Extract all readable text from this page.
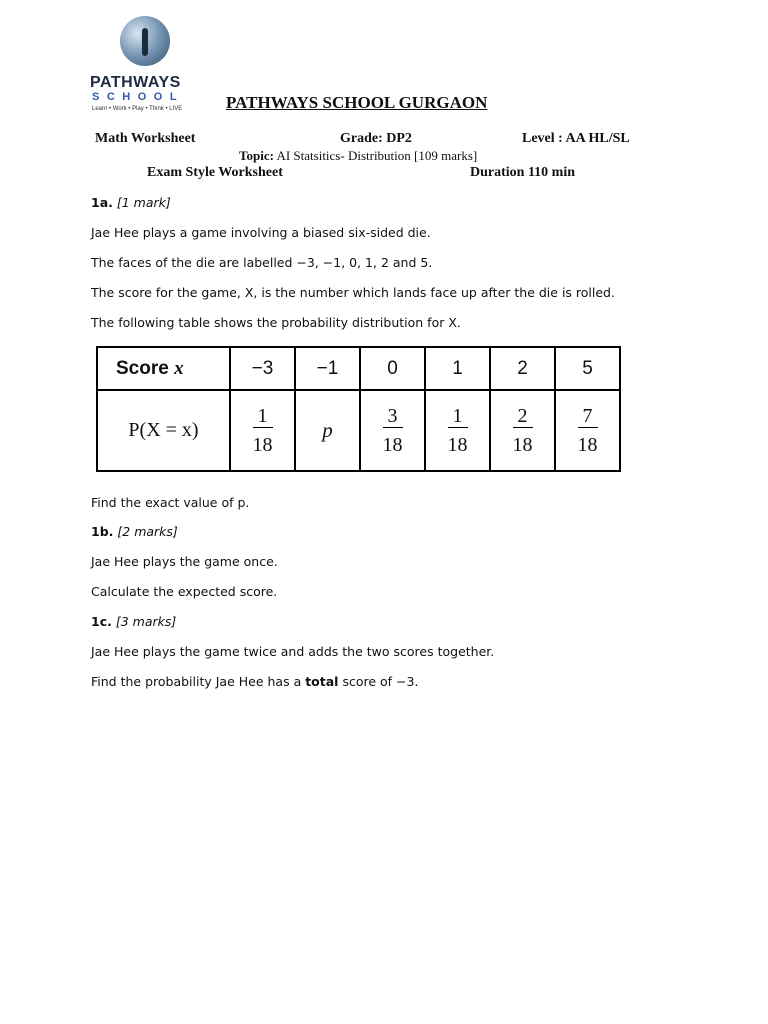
PATHWAYS
SCHOOL
Learn • Work • Play • Think • LIVE	PATHWAYS SCHOOL GURGAON
Math Worksheet	Grade: DP2	Level : AA HL/SL
Topic: AI Statsitics- Distribution [109 marks]
Exam Style Worksheet	Duration 110 min
1a. [1 mark]
Jae Hee plays a game involving a biased six-sided die.
The faces of the die are labelled −3, −1, 0, 1, 2 and 5.
The score for the game, X, is the number which lands face up after the die is rolled.
The following table shows the probability distribution for X.
Score x	−3	−1	0	1	2	5
P(X = x)	$\frac{1}{18}$	p	$\frac{3}{18}$	$\frac{1}{18}$	$\frac{2}{18}$	$\frac{7}{18}$
Find the exact value of p.
1b. [2 marks]
Jae Hee plays the game once.
Calculate the expected score.
1c. [3 marks]
Jae Hee plays the game twice and adds the two scores together.
Find the probability Jae Hee has a total score of −3.
